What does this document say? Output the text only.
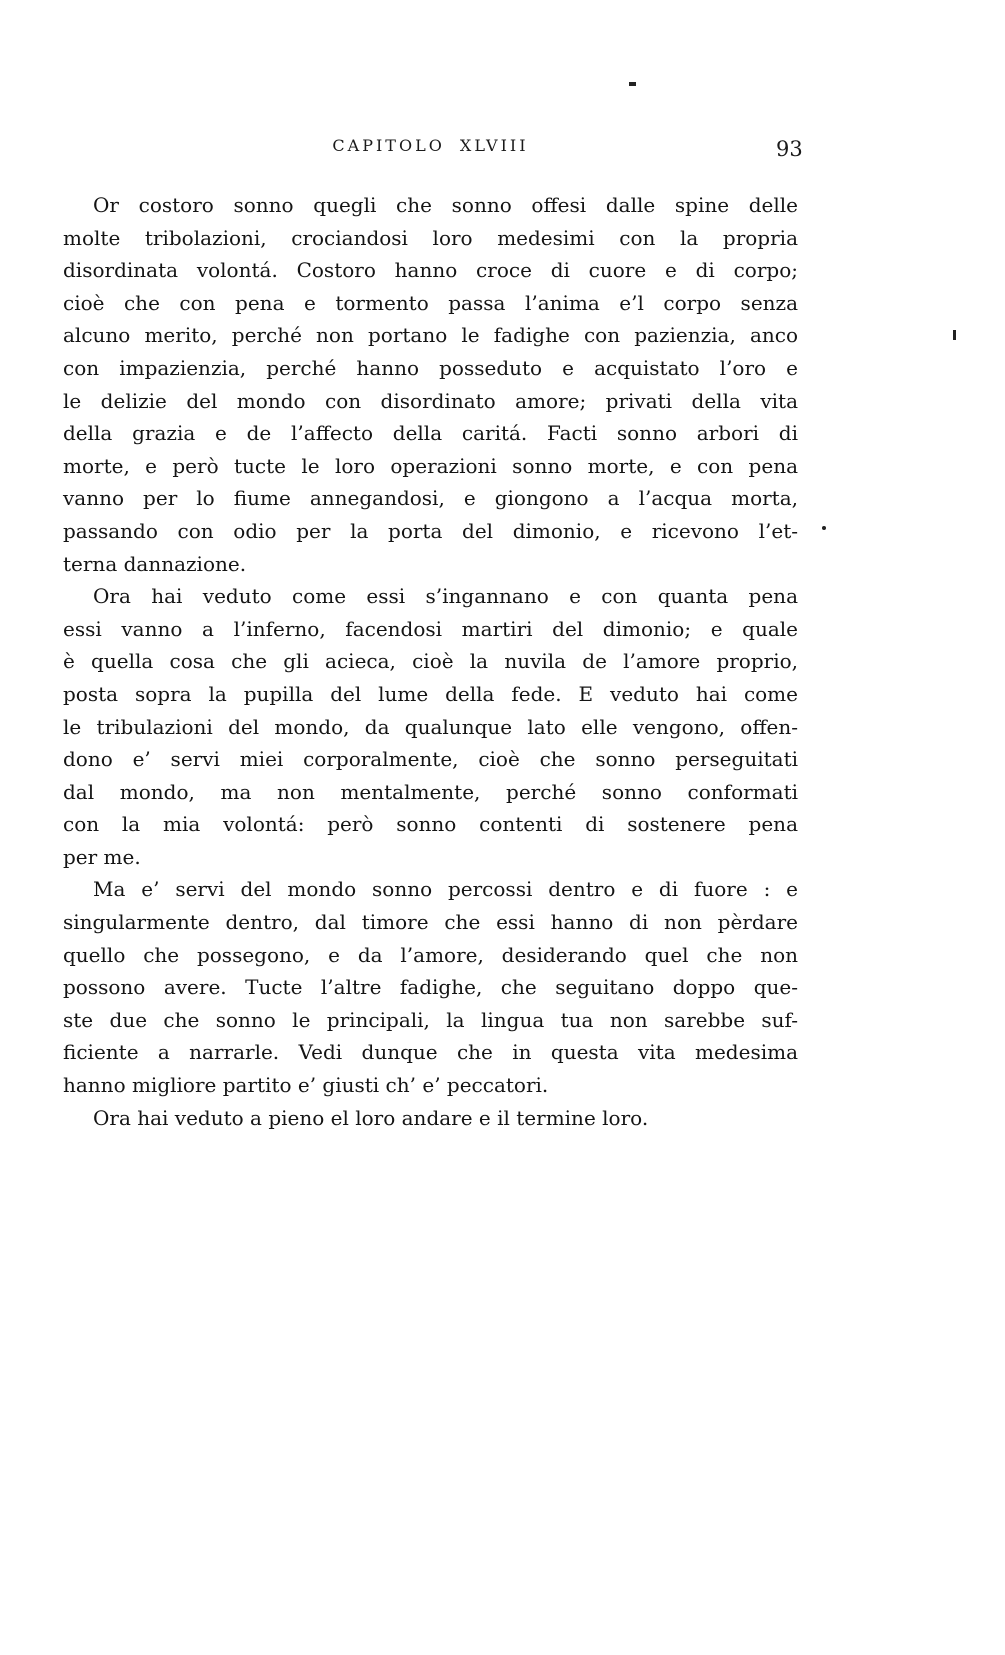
CAPITOLO XLVIII	93
Or costoro sonno quegli che sonno offesi dalle spine delle
molte tribolazioni, crociandosi loro medesimi con la propria
disordinata volontá. Costoro hanno croce di cuore e di corpo;
cioè che con pena e tormento passa l’anima e’l corpo senza
alcuno merito, perché non portano le fadighe con pazienzia, anco
con impazienzia, perché hanno posseduto e acquistato l’oro e
le delizie del mondo con disordinato amore; privati della vita
della grazia e de l’affecto della caritá. Facti sonno arbori di
morte, e però tucte le loro operazioni sonno morte, e con pena
vanno per lo fiume annegandosi, e giongono a l’acqua morta,
passando con odio per la porta del dimonio, e ricevono l’et-
terna dannazione.
Ora hai veduto come essi s’ingannano e con quanta pena
essi vanno a l’inferno, facendosi martiri del dimonio; e quale
è quella cosa che gli acieca, cioè la nuvila de l’amore proprio,
posta sopra la pupilla del lume della fede. E veduto hai come
le tribulazioni del mondo, da qualunque lato elle vengono, offen-
dono e’ servi miei corporalmente, cioè che sonno perseguitati
dal mondo, ma non mentalmente, perché sonno conformati
con la mia volontá: però sonno contenti di sostenere pena
per me.
Ma e’ servi del mondo sonno percossi dentro e di fuore : e
singularmente dentro, dal timore che essi hanno di non pèrdare
quello che possegono, e da l’amore, desiderando quel che non
possono avere. Tucte l’altre fadighe, che seguitano doppo que-
ste due che sonno le principali, la lingua tua non sarebbe suf-
ficiente a narrarle. Vedi dunque che in questa vita medesima
hanno migliore partito e’ giusti ch’ e’ peccatori.
Ora hai veduto a pieno el loro andare e il termine loro.
